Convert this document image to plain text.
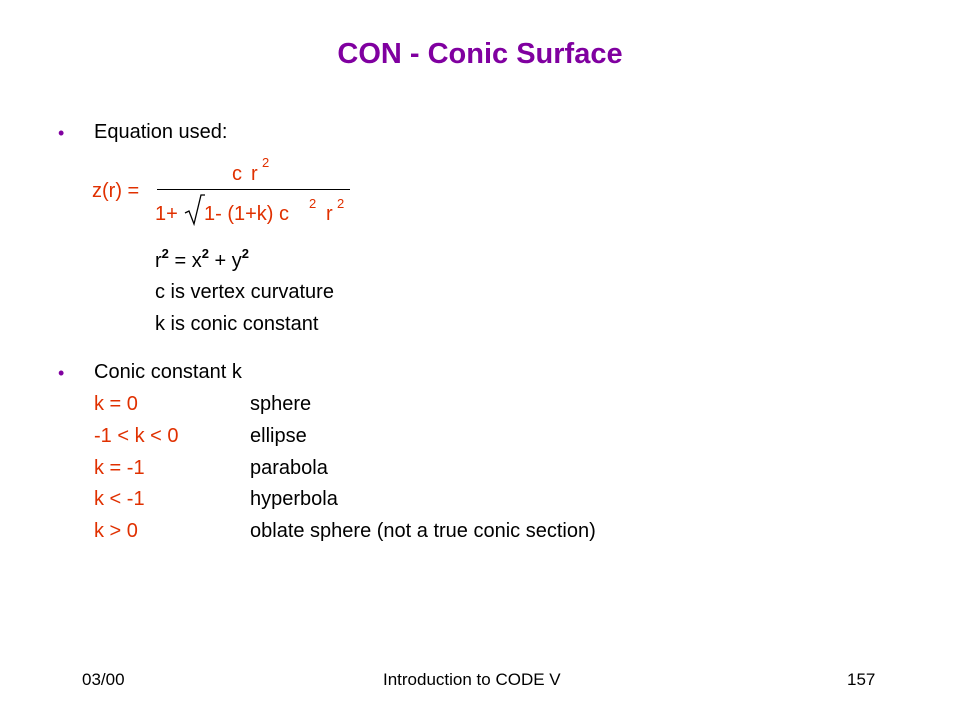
CON - Conic Surface
• Equation used:
z(r) =
c r
2
1+ 1- (1+k) c 2 r 2
$r^2 = x^2 + y^2$
c is vertex curvature
k is conic constant
• Conic constant k
k = 0	sphere
-1 < k < 0	ellipse
k = -1	parabola
k < -1	hyperbola
k > 0	oblate sphere (not a true conic section)
03/00	Introduction to CODE V	157
